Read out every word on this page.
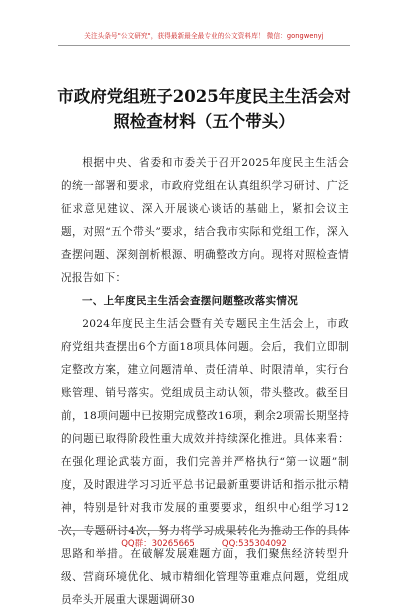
关注头条号"公文研究"，获得最新最全最专业的公文资料库！ 微信：gongwenyj
市政府党组班子2025年度民主生活会对
照检查材料（五个带头）

根据中央、省委和市委关于召开2025年度民主生活会的统一部署和要求，市政府党组在认真组织学习研讨、广泛征求意见建议、深入开展谈心谈话的基础上，紧扣会议主题，对照“五个带头”要求，结合我市实际和党组工作，深入查摆问题、深刻剖析根源、明确整改方向。现将对照检查情况报告如下：

一、上年度民主生活会查摆问题整改落实情况

2024年度民主生活会暨有关专题民主生活会上，市政府党组共查摆出6个方面18项具体问题。会后，我们立即制定整改方案，建立问题清单、责任清单、时限清单，实行台账管理、销号落实。党组成员主动认领，带头整改。截至目前，18项问题中已按期完成整改16项，剩余2项需长期坚持的问题已取得阶段性重大成效并持续深化推进。具体来看：在强化理论武装方面，我们完善并严格执行“第一议题”制度，及时跟进学习习近平总书记最新重要讲话和指示批示精神，特别是针对我市发展的重要要求，组织中心组学习12次，专题研讨4次，努力将学习成果转化为推动工作的具体思路和举措。在破解发展难题方面，我们聚焦经济转型升级、营商环境优化、城市精细化管理等重难点问题，党组成员牵头开展重大课题调研30

QQ群：30265665	QQ:535304092
